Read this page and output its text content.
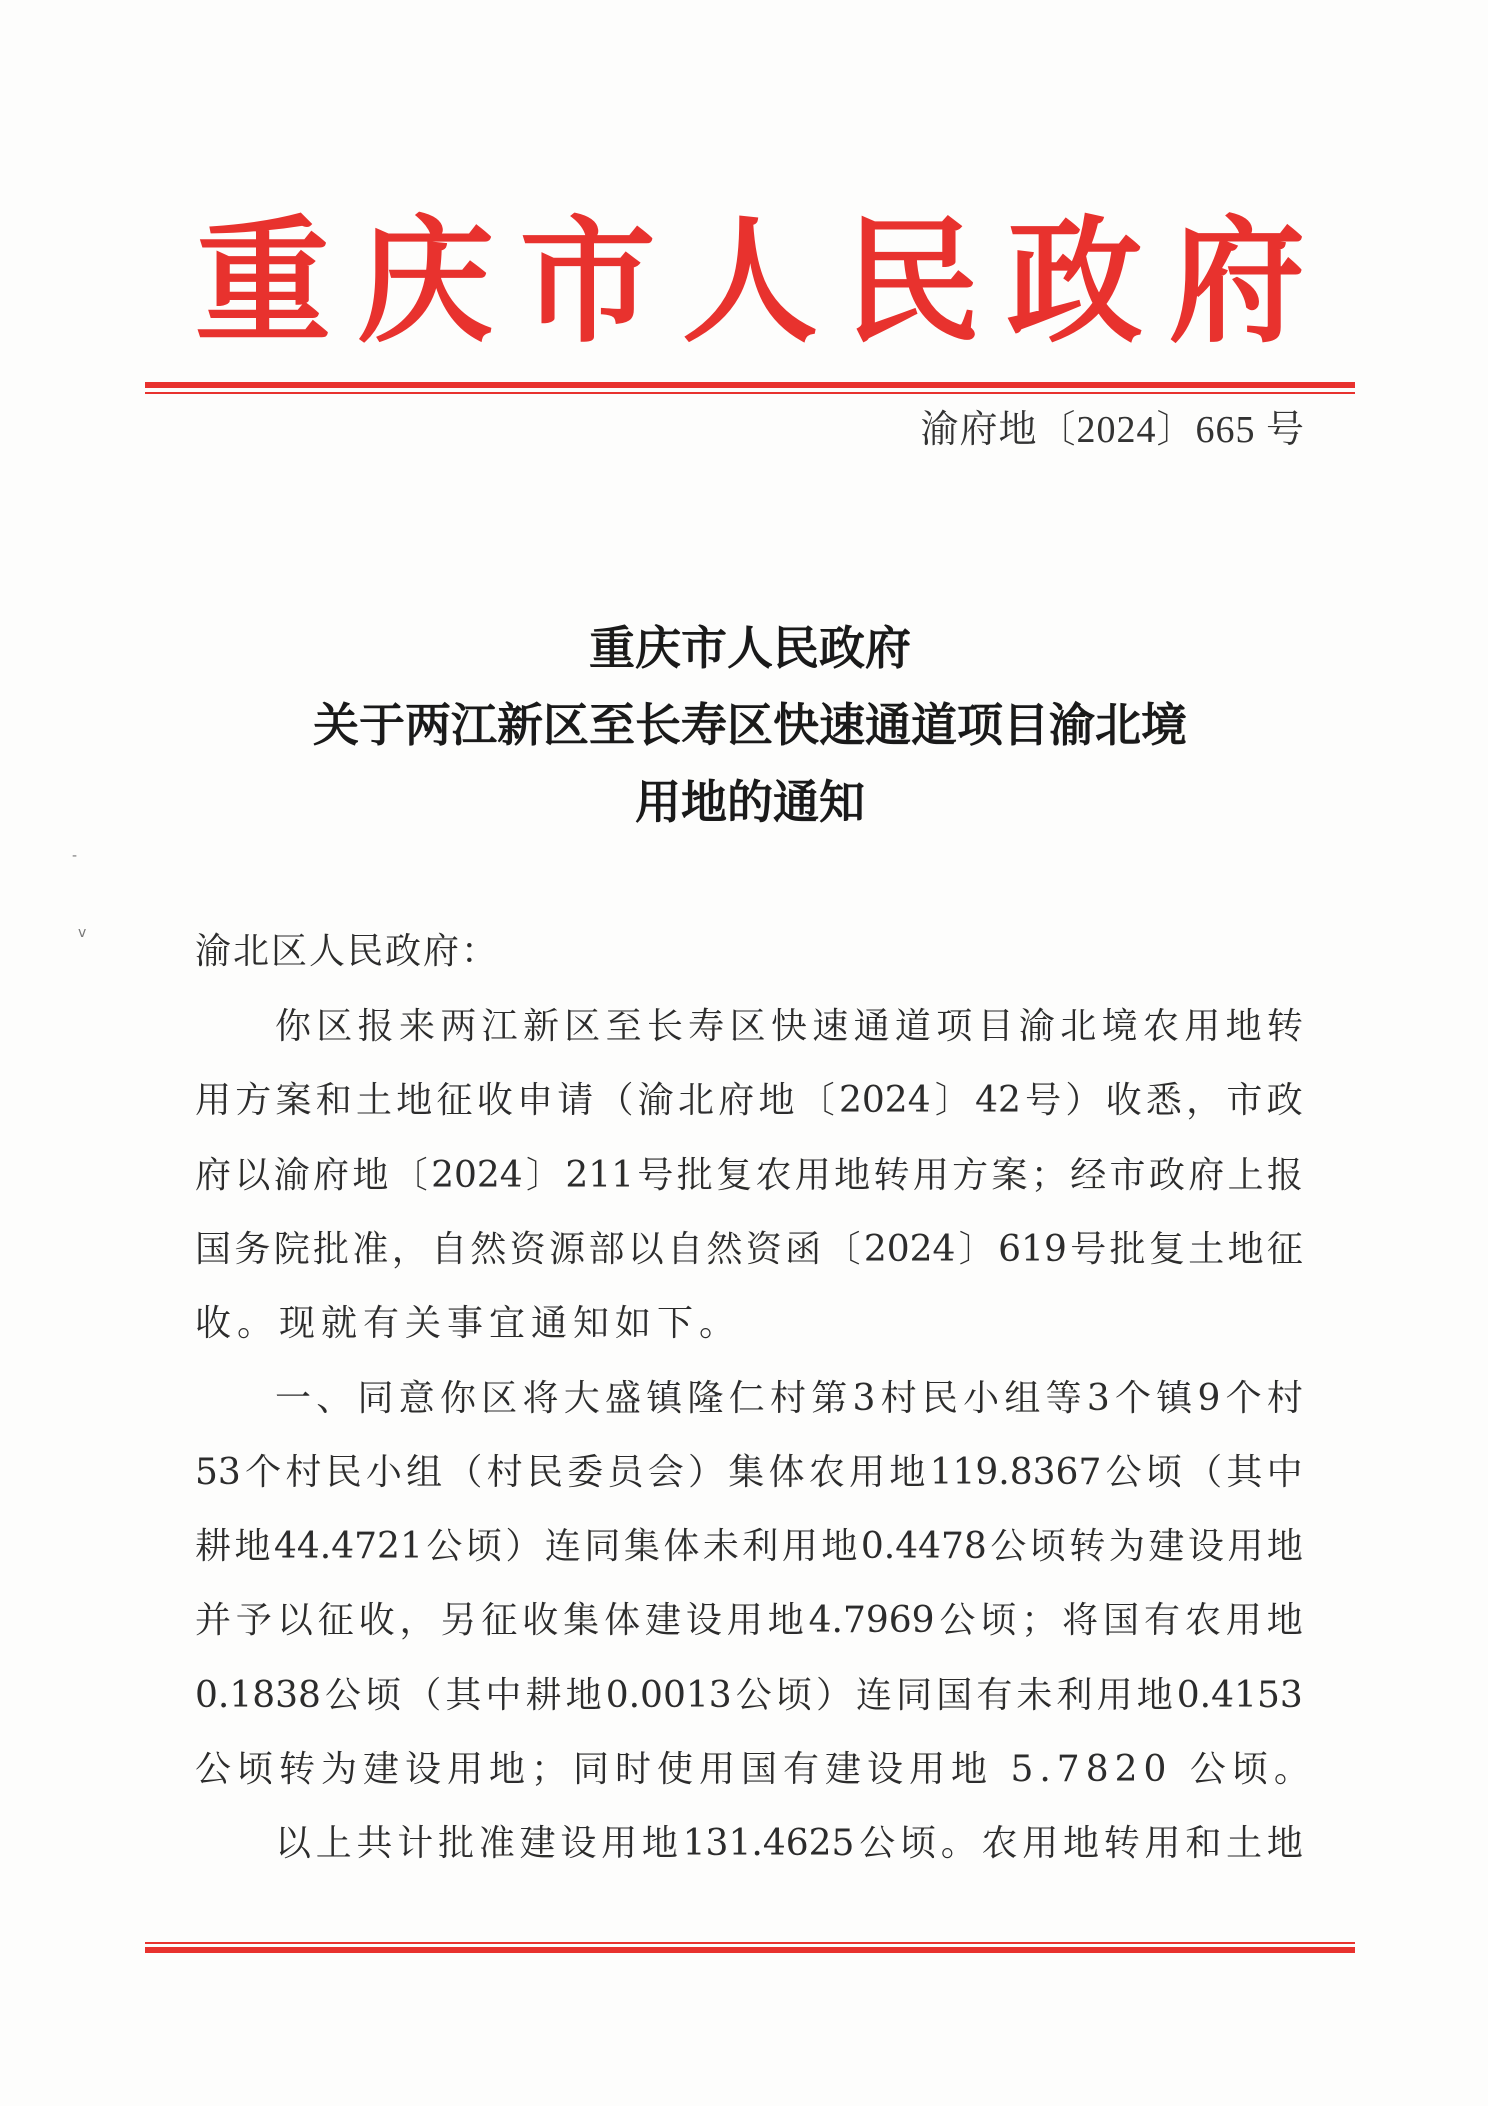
重 庆 市 人 民 政 府
渝府地〔2024〕665 号
重庆市人民政府
关于两江新区至长寿区快速通道项目渝北境
用地的通知
-
v	渝北区人民政府：
你 区 报 来 两 江 新 区 至 长 寿 区 快 速 通 道 项 目 渝 北 境 农 用 地 转
用 方 案 和 土 地 征 收 申 请 （ 渝 北 府 地 〔 2024 〕 42 号 ） 收 悉 ， 市 政
府 以 渝 府 地 〔 2024 〕 211 号 批 复 农 用 地 转 用 方 案 ； 经 市 政 府 上 报
国 务 院 批 准 ， 自 然 资 源 部 以 自 然 资 函 〔 2024 〕 619 号 批 复 土 地 征
收。现就有关事宜通知如下。
一 、 同 意 你 区 将 大 盛 镇 隆 仁 村 第 3 村 民 小 组 等 3 个 镇 9 个 村
53 个 村 民 小 组 （ 村 民 委 员 会 ） 集 体 农 用 地 119.8367 公 顷 （ 其 中
耕 地 44.4721 公 顷 ） 连 同 集 体 未 利 用 地 0.4478 公 顷 转 为 建 设 用 地
并 予 以 征 收 ， 另 征 收 集 体 建 设 用 地 4.7969 公 顷 ； 将 国 有 农 用 地
0.1838 公 顷 （ 其 中 耕 地 0.0013 公 顷 ） 连 同 国 有 未 利 用 地 0.4153
公顷转为建设用地；同时使用国有建设用地 5.7820 公顷。
以 上 共 计 批 准 建 设 用 地 131.4625 公 顷 。 农 用 地 转 用 和 土 地
